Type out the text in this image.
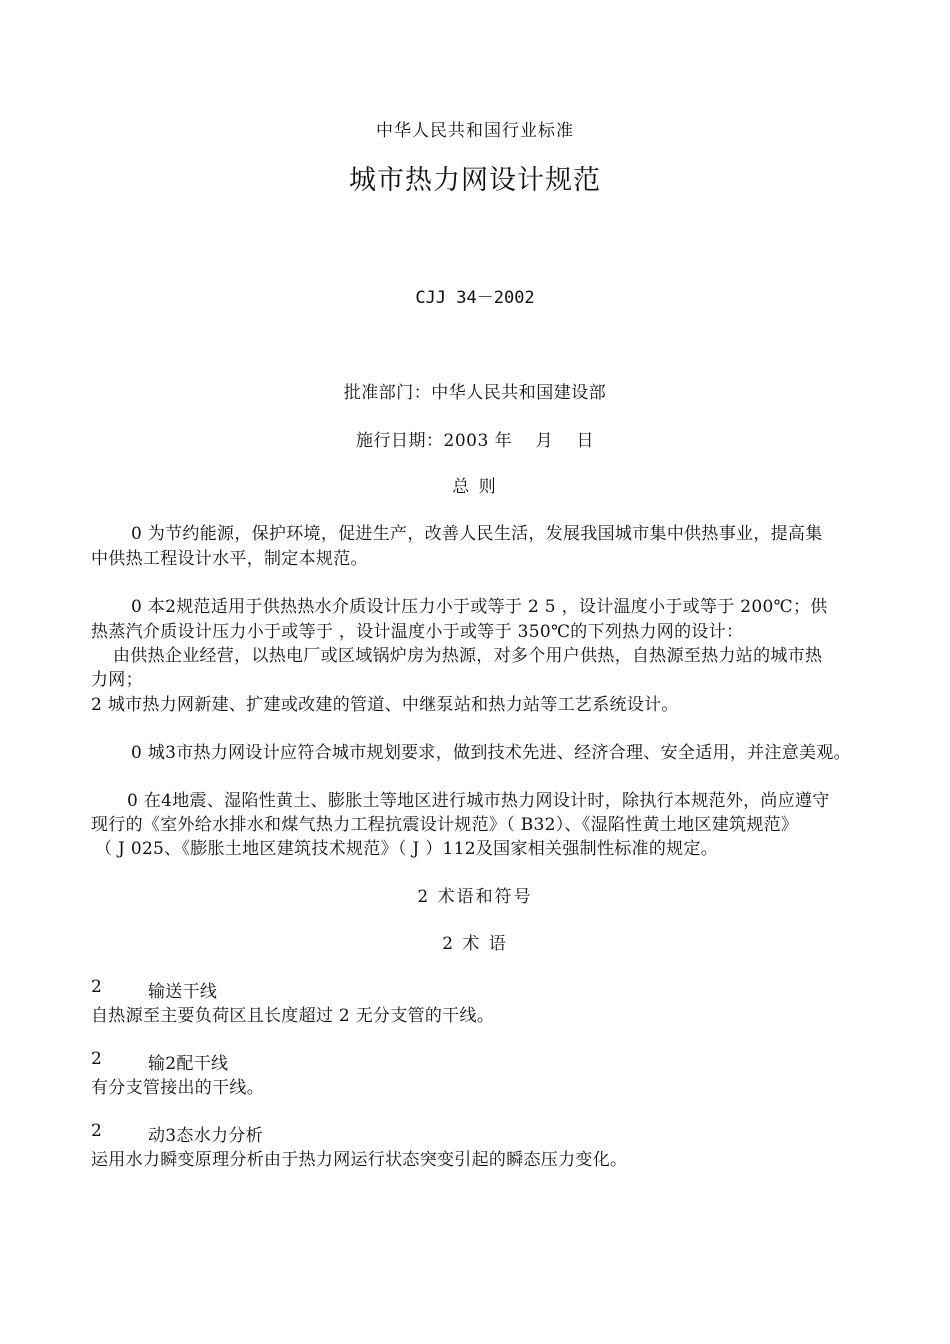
中华人民共和国行业标准
城市热力网设计规范
CJJ 34－2002
批准部门：中华人民共和国建设部
施行日期：2003 年　 月　 日
总 则
0 为节约能源，保护环境，促进生产，改善人民生活，发展我国城市集中供热事业，提高集
中供热工程设计水平，制定本规范。
0 本2规范适用于供热热水介质设计压力小于或等于 2 5 ，设计温度小于或等于 200℃；供
热蒸汽介质设计压力小于或等于 ，设计温度小于或等于 350℃的下列热力网的设计：
由供热企业经营，以热电厂或区域锅炉房为热源，对多个用户供热，自热源至热力站的城市热
力网；
2 城市热力网新建、扩建或改建的管道、中继泵站和热力站等工艺系统设计。
0 城3市热力网设计应符合城市规划要求，做到技术先进、经济合理、安全适用，并注意美观。
0 在4地震、湿陷性黄土、膨胀土等地区进行城市热力网设计时，除执行本规范外，尚应遵守
现行的《室外给水排水和煤气热力工程抗震设计规范》（ B32）、《湿陷性黄土地区建筑规范》
（ J 025、《膨胀土地区建筑技术规范》（ J ）112及国家相关强制性标准的规定。
2 术语和符号
2 术 语
2	输送干线
自热源至主要负荷区且长度超过 2 无分支管的干线。
2	输2配干线
有分支管接出的干线。
2	动3态水力分析
运用水力瞬变原理分析由于热力网运行状态突变引起的瞬态压力变化。
